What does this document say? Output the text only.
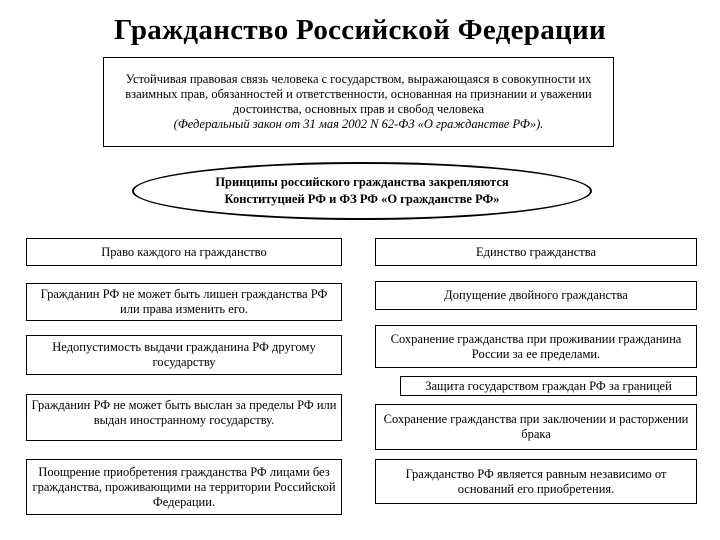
Гражданство Российской Федерации
Устойчивая правовая связь человека с государством, выражающаяся в совокупности их взаимных прав, обязанностей и ответственности, основанная на признании и уважении достоинства, основных прав и свобод человека
(Федеральный закон от 31 мая 2002 N 62-ФЗ «О гражданстве РФ»).
Принципы российского гражданства закрепляются
Конституцией РФ и ФЗ РФ «О гражданстве РФ»
Право каждого на гражданство
Гражданин РФ не может быть лишен гражданства РФ или права изменить его.
Недопустимость выдачи гражданина РФ другому государству
Гражданин РФ не может быть выслан за пределы РФ или выдан иностранному государству.
Поощрение приобретения гражданства РФ лицами без гражданства, проживающими на территории Российской Федерации.
Единство гражданства
Допущение двойного гражданства
Сохранение гражданства при проживании гражданина России за ее пределами.
Защита государством граждан РФ за границей
Сохранение гражданства при заключении и расторжении брака
Гражданство РФ является равным независимо от оснований его приобретения.
